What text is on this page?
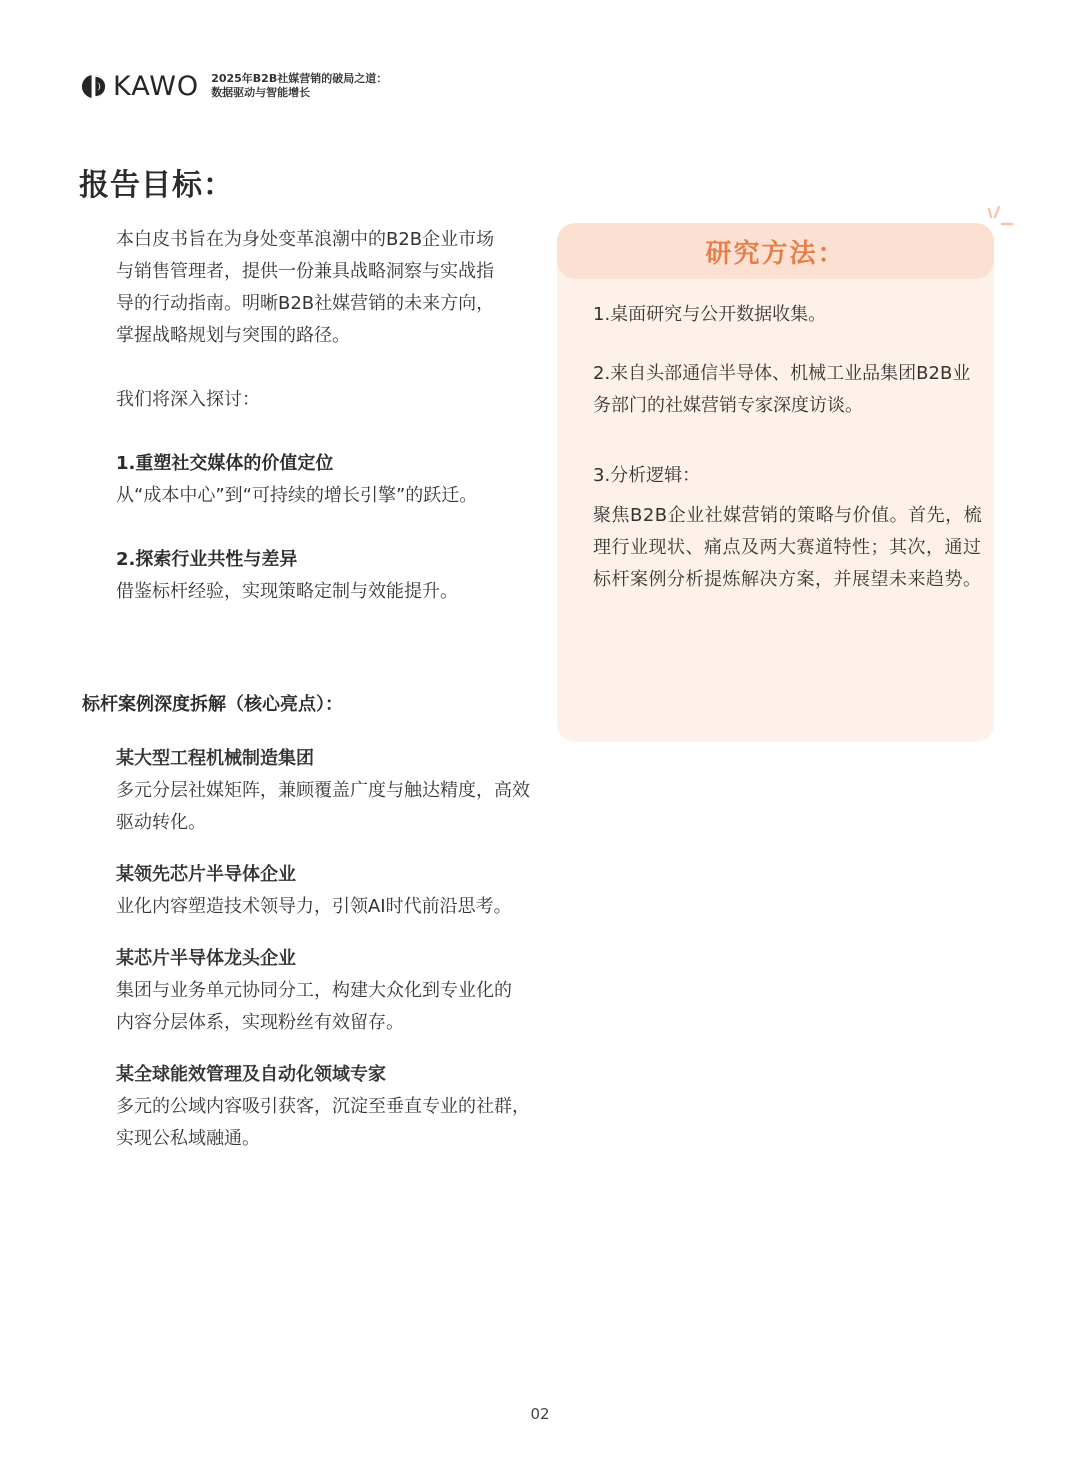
KAWO 2025年B2B社媒营销的破局之道：
数据驱动与智能增长
报告目标：

本白皮书旨在为身处变革浪潮中的B2B企业市场与销售管理者，提供一份兼具战略洞察与实战指导的行动指南。明晰B2B社媒营销的未来方向，掌握战略规划与突围的路径。

我们将深入探讨：

1.重塑社交媒体的价值定位

从“成本中心”到“可持续的增长引擎”的跃迁。

2.探索行业共性与差异

借鉴标杆经验，实现策略定制与效能提升。

标杆案例深度拆解（核心亮点）：

某大型工程机械制造集团

多元分层社媒矩阵，兼顾覆盖广度与触达精度，高效驱动转化。

某领先芯片半导体企业

业化内容塑造技术领导力，引领AI时代前沿思考。

某芯片半导体龙头企业

集团与业务单元协同分工，构建大众化到专业化的内容分层体系，实现粉丝有效留存。

某全球能效管理及自动化领域专家

多元的公域内容吸引获客，沉淀至垂直专业的社群，实现公私域融通。

研究方法：

1.桌面研究与公开数据收集。

2.来自头部通信半导体、机械工业品集团B2B业务部门的社媒营销专家深度访谈。

3.分析逻辑：

聚焦B2B企业社媒营销的策略与价值。首先，梳理行业现状、痛点及两大赛道特性；其次，通过标杆案例分析提炼解决方案，并展望未来趋势。

02
